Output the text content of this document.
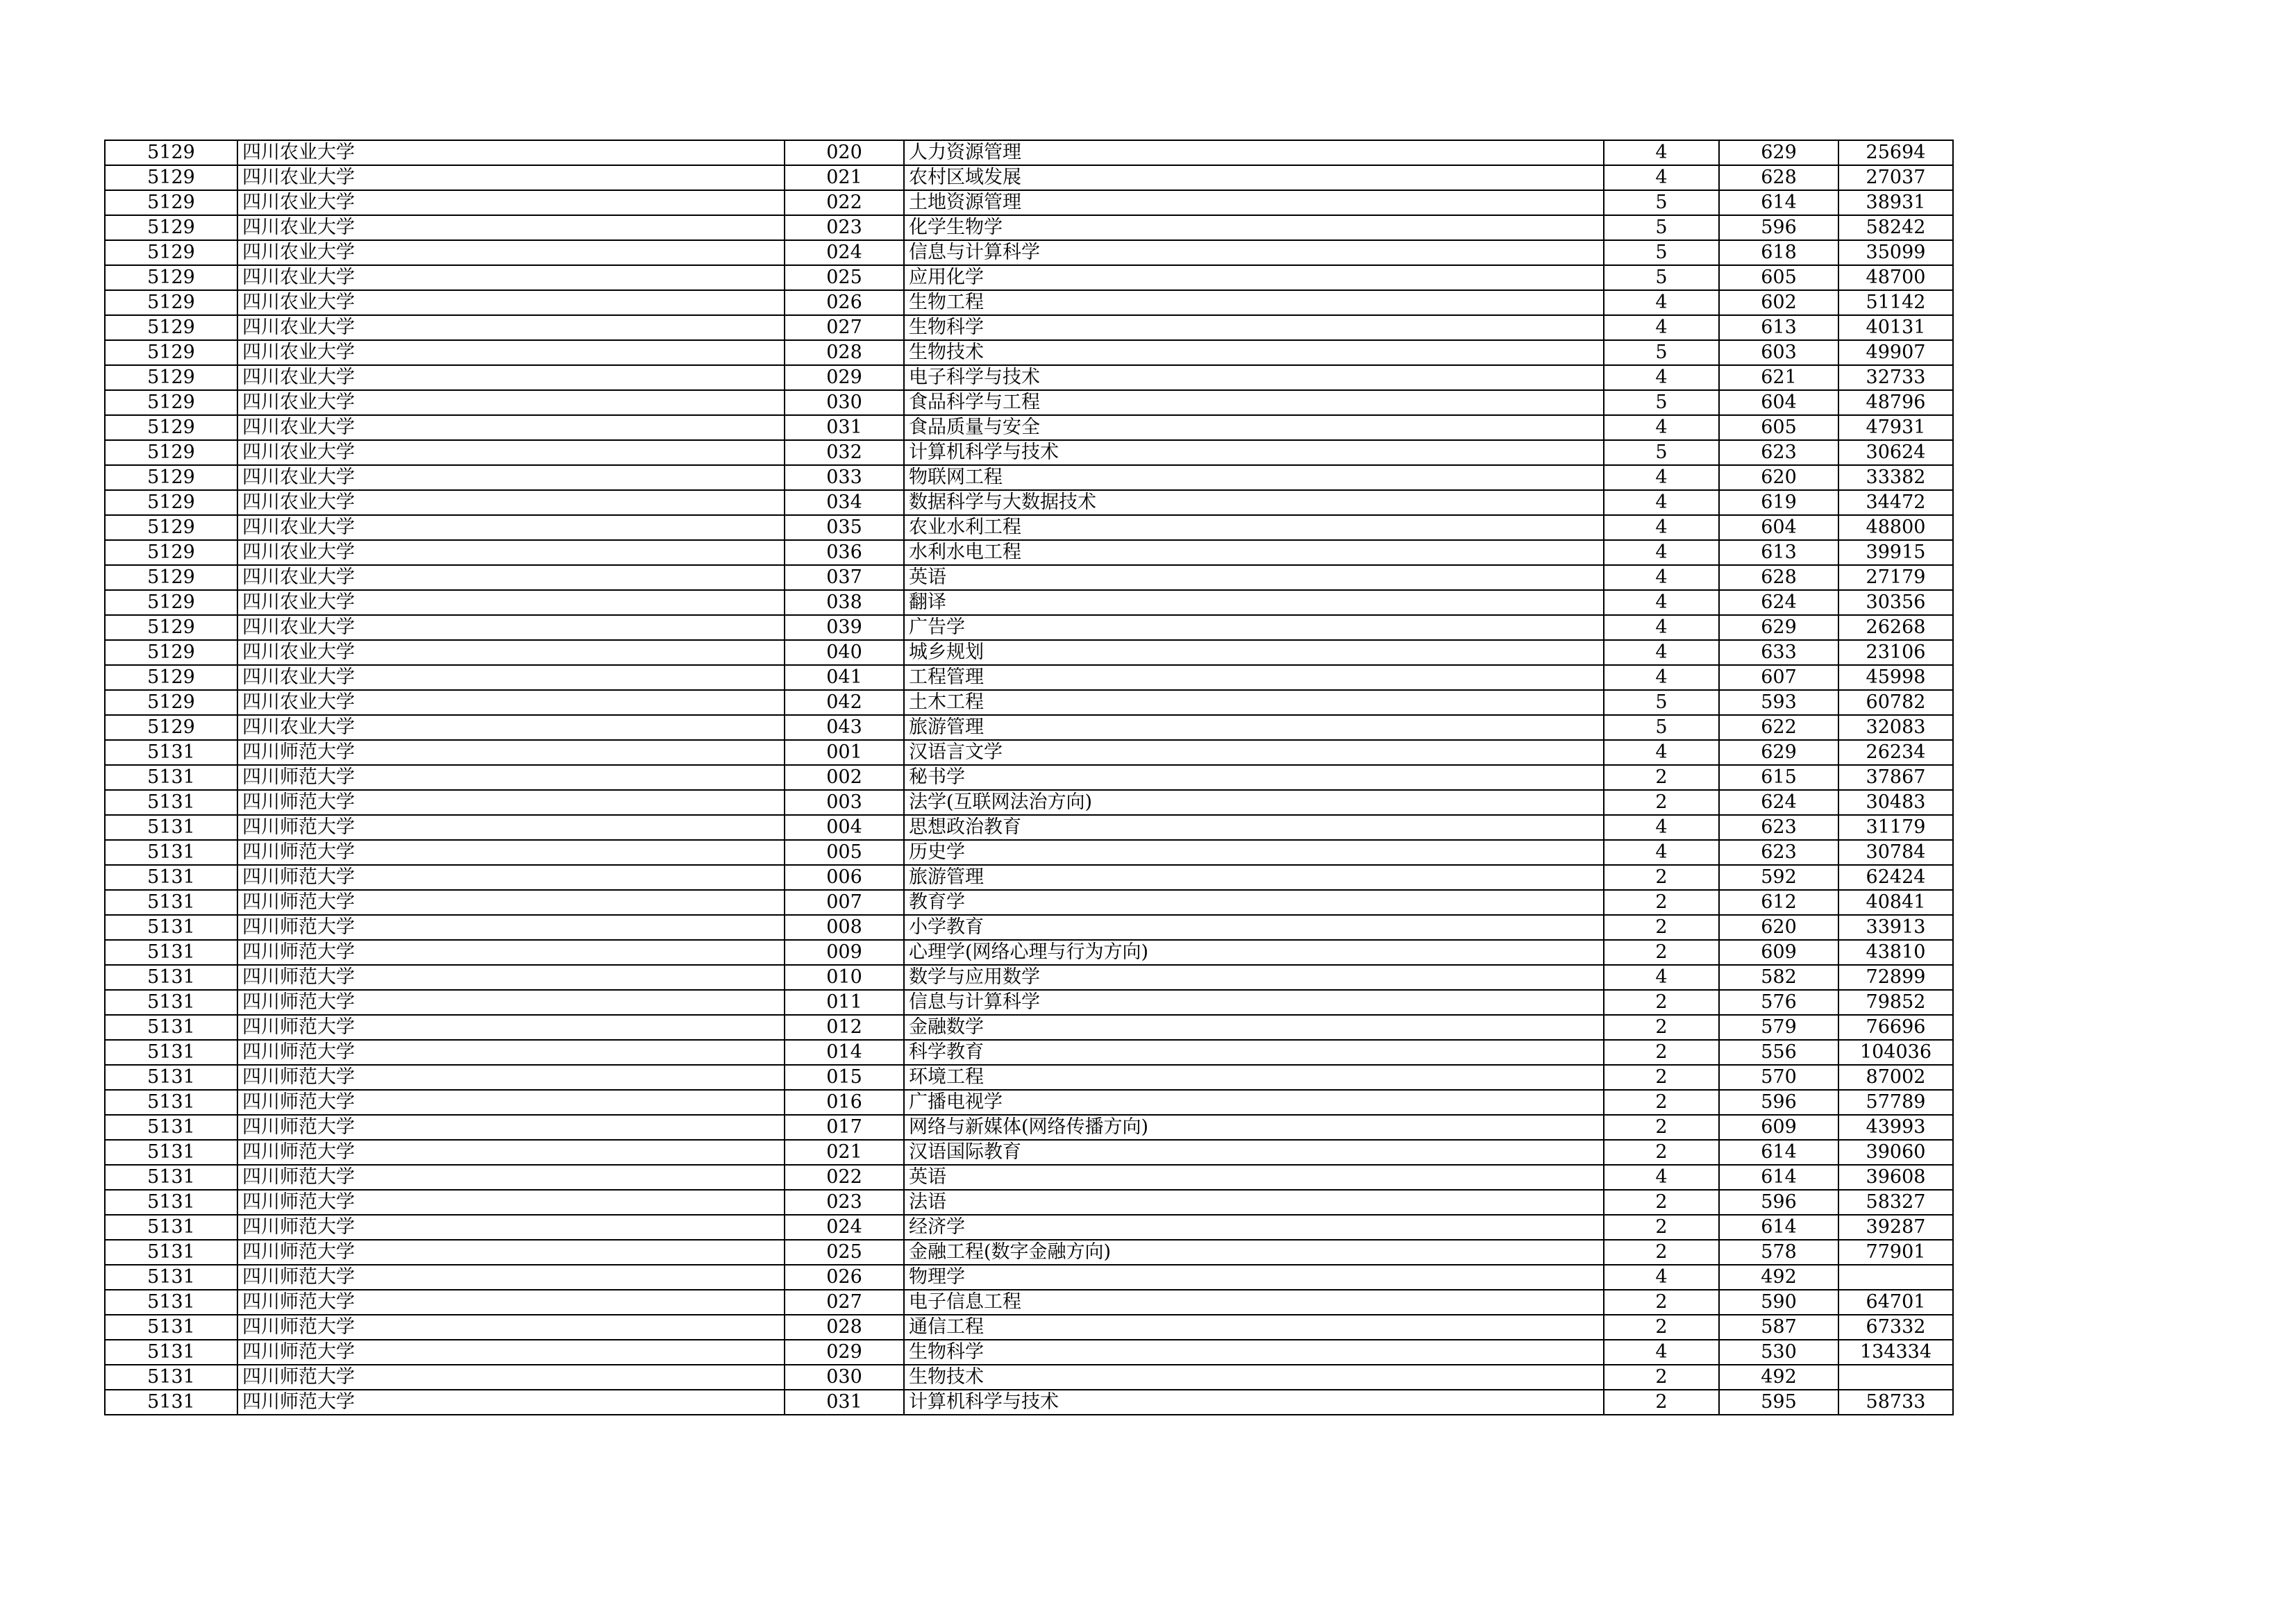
5129	四川农业大学	020	人力资源管理	4	629	25694
5129	四川农业大学	021	农村区域发展	4	628	27037
5129	四川农业大学	022	土地资源管理	5	614	38931
5129	四川农业大学	023	化学生物学	5	596	58242
5129	四川农业大学	024	信息与计算科学	5	618	35099
5129	四川农业大学	025	应用化学	5	605	48700
5129	四川农业大学	026	生物工程	4	602	51142
5129	四川农业大学	027	生物科学	4	613	40131
5129	四川农业大学	028	生物技术	5	603	49907
5129	四川农业大学	029	电子科学与技术	4	621	32733
5129	四川农业大学	030	食品科学与工程	5	604	48796
5129	四川农业大学	031	食品质量与安全	4	605	47931
5129	四川农业大学	032	计算机科学与技术	5	623	30624
5129	四川农业大学	033	物联网工程	4	620	33382
5129	四川农业大学	034	数据科学与大数据技术	4	619	34472
5129	四川农业大学	035	农业水利工程	4	604	48800
5129	四川农业大学	036	水利水电工程	4	613	39915
5129	四川农业大学	037	英语	4	628	27179
5129	四川农业大学	038	翻译	4	624	30356
5129	四川农业大学	039	广告学	4	629	26268
5129	四川农业大学	040	城乡规划	4	633	23106
5129	四川农业大学	041	工程管理	4	607	45998
5129	四川农业大学	042	土木工程	5	593	60782
5129	四川农业大学	043	旅游管理	5	622	32083
5131	四川师范大学	001	汉语言文学	4	629	26234
5131	四川师范大学	002	秘书学	2	615	37867
5131	四川师范大学	003	法学(互联网法治方向)	2	624	30483
5131	四川师范大学	004	思想政治教育	4	623	31179
5131	四川师范大学	005	历史学	4	623	30784
5131	四川师范大学	006	旅游管理	2	592	62424
5131	四川师范大学	007	教育学	2	612	40841
5131	四川师范大学	008	小学教育	2	620	33913
5131	四川师范大学	009	心理学(网络心理与行为方向)	2	609	43810
5131	四川师范大学	010	数学与应用数学	4	582	72899
5131	四川师范大学	011	信息与计算科学	2	576	79852
5131	四川师范大学	012	金融数学	2	579	76696
5131	四川师范大学	014	科学教育	2	556	104036
5131	四川师范大学	015	环境工程	2	570	87002
5131	四川师范大学	016	广播电视学	2	596	57789
5131	四川师范大学	017	网络与新媒体(网络传播方向)	2	609	43993
5131	四川师范大学	021	汉语国际教育	2	614	39060
5131	四川师范大学	022	英语	4	614	39608
5131	四川师范大学	023	法语	2	596	58327
5131	四川师范大学	024	经济学	2	614	39287
5131	四川师范大学	025	金融工程(数字金融方向)	2	578	77901
5131	四川师范大学	026	物理学	4	492	
5131	四川师范大学	027	电子信息工程	2	590	64701
5131	四川师范大学	028	通信工程	2	587	67332
5131	四川师范大学	029	生物科学	4	530	134334
5131	四川师范大学	030	生物技术	2	492	
5131	四川师范大学	031	计算机科学与技术	2	595	58733
